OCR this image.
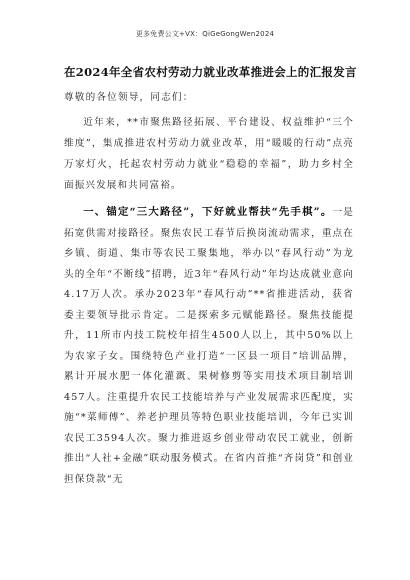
更多免费公文+VX：QiGeGongWen2024
在2024年全省农村劳动力就业改革推进会上的汇报发言

尊敬的各位领导，同志们：

近年来，**市聚焦路径拓展、平台建设、权益维护“三个维度”，集成推进农村劳动力就业改革，用“暖暖的行动”点亮万家灯火，托起农村劳动力就业“稳稳的幸福”，助力乡村全面振兴发展和共同富裕。

一、锚定“三大路径”，下好就业帮扶“先手棋”。一是拓宽供需对接路径。聚焦农民工春节后换岗流动需求，重点在乡镇、街道、集市等农民工聚集地，举办以“春风行动”为龙头的全年“不断线”招聘，近3年“春风行动”年均达成就业意向4.17万人次。承办2023年“春风行动”**省推进活动，获省委主要领导批示肯定。二是探索多元赋能路径。聚焦技能提升，11所市内技工院校年招生4500人以上，其中50%以上为农家子女。围绕特色产业打造“一区县一项目”培训品牌，累计开展水肥一体化灌溉、果树修剪等实用技术项目制培训457人。注重提升农民工技能培养与产业发展需求匹配度，实施“*菜师傅”、养老护理员等特色职业技能培训，今年已实训农民工3594人次。聚力推进返乡创业带动农民工就业，创新推出“人社+金融”联动服务模式。在省内首推“齐岗贷”和创业担保贷款“无
